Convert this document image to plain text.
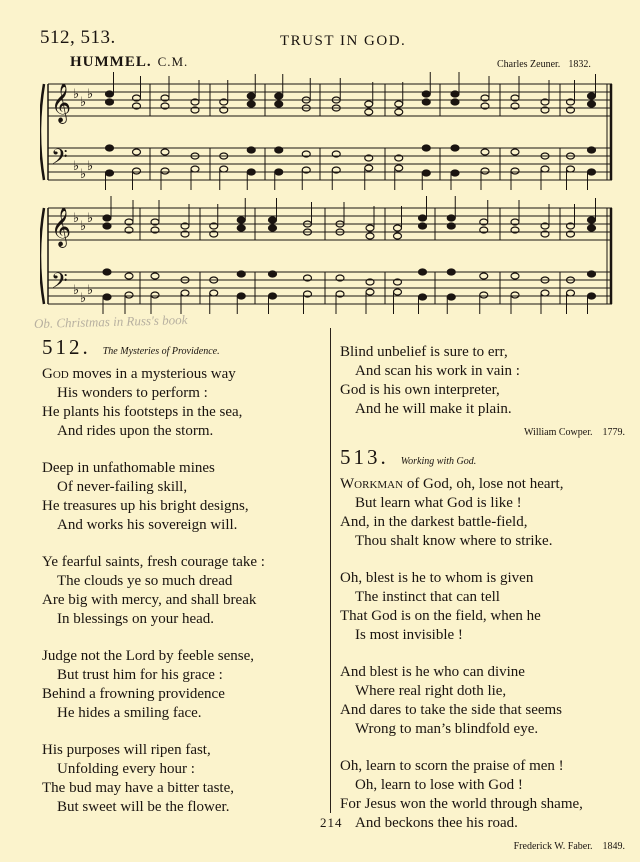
512, 513.	TRUST IN GOD.
HUMMEL. C.M.	Charles Zeuner. 1832.
𝄞
𝄢
♭
♭
♭
♭
♭
♭
𝄞
𝄢
♭
♭
♭
♭
♭
♭
Ob. Christmas in Russ's book
512. The Mysteries of Providence.
God moves in a mysterious way
His wonders to perform :
He plants his footsteps in the sea,
And rides upon the storm.
Deep in unfathomable mines
Of never-failing skill,
He treasures up his bright designs,
And works his sovereign will.
Ye fearful saints, fresh courage take :
The clouds ye so much dread
Are big with mercy, and shall break
In blessings on your head.
Judge not the Lord by feeble sense,
But trust him for his grace :
Behind a frowning providence
He hides a smiling face.
His purposes will ripen fast,
Unfolding every hour :
The bud may have a bitter taste,
But sweet will be the flower.
Blind unbelief is sure to err,
And scan his work in vain :
God is his own interpreter,
And he will make it plain.
William Cowper. 1779.
513. Working with God.
Workman of God, oh, lose not heart,
But learn what God is like !
And, in the darkest battle-field,
Thou shalt know where to strike.
Oh, blest is he to whom is given
The instinct that can tell
That God is on the field, when he
Is most invisible !
And blest is he who can divine
Where real right doth lie,
And dares to take the side that seems
Wrong to man’s blindfold eye.
Oh, learn to scorn the praise of men !
Oh, learn to lose with God !
For Jesus won the world through shame,
And beckons thee his road.
Frederick W. Faber. 1849.
214
